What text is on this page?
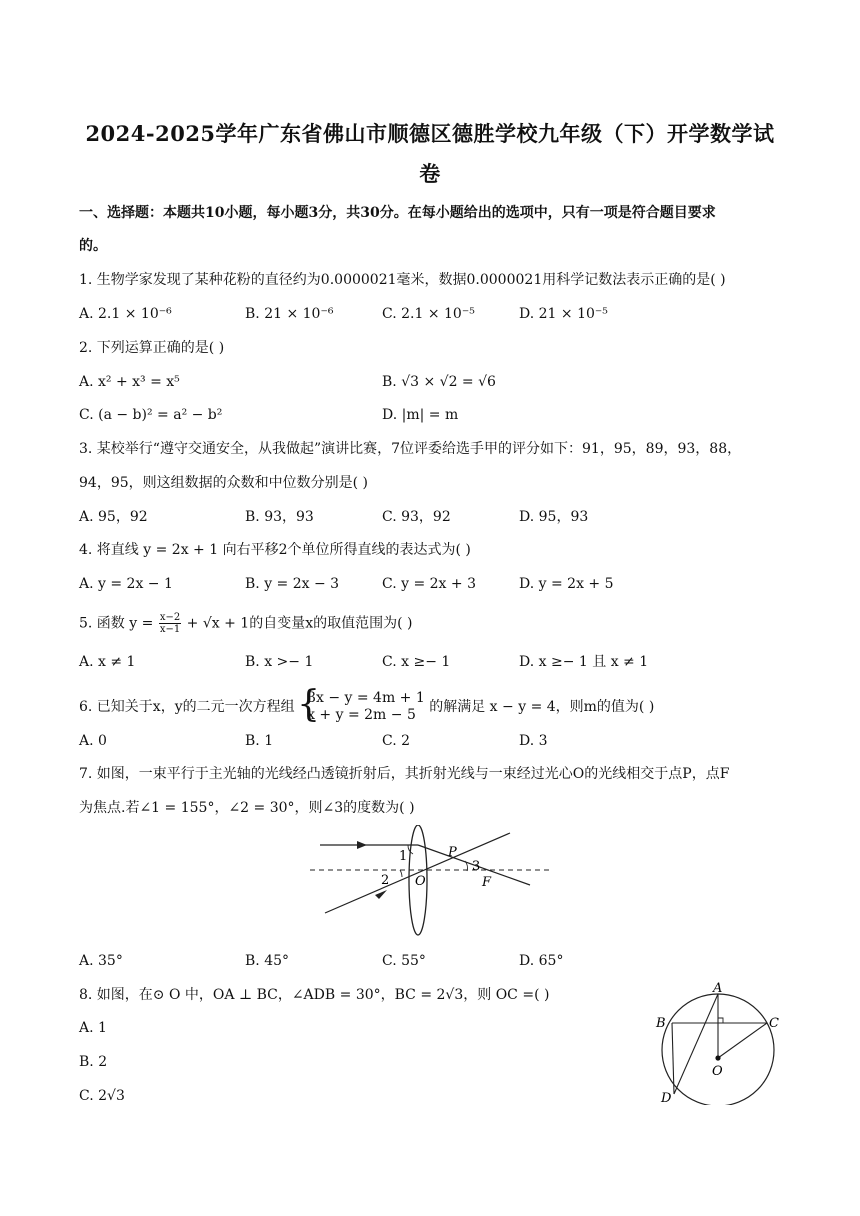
2024-2025学年广东省佛山市顺德区德胜学校九年级（下）开学数学试
卷
一、选择题：本题共10小题，每小题3分，共30分。在每小题给出的选项中，只有一项是符合题目要求
的。
1. 生物学家发现了某种花粉的直径约为0.0000021毫米，数据0.0000021用科学记数法表示正确的是( )
A. 2.1 × 10⁻⁶	B. 21 × 10⁻⁶	C. 2.1 × 10⁻⁵	D. 21 × 10⁻⁵
2. 下列运算正确的是( )
A. x² + x³ = x⁵	B. √3 × √2 = √6
C. (a − b)² = a² − b²	D. |m| = m
3. 某校举行“遵守交通安全，从我做起”演讲比赛，7位评委给选手甲的评分如下：91，95，89，93，88，
94，95，则这组数据的众数和中位数分别是( )
A. 95，92	B. 93，93	C. 93，92	D. 95，93
4. 将直线 y = 2x + 1 向右平移2个单位所得直线的表达式为( )
A. y = 2x − 1	B. y = 2x − 3	C. y = 2x + 3	D. y = 2x + 5
5. 函数 $y = \frac{x-2}{x-1} + √x + 1$的自变量x的取值范围为( )
A. x ≠ 1	B. x >− 1	C. x ≥− 1	D. x ≥− 1 且 x ≠ 1
6. 已知关于x，y的二元一次方程组 {
3x − y = 4m + 1
x + y = 2m − 5 的解满足 x − y = 4，则m的值为( )
A. 0	B. 1	C. 2	D. 3
7. 如图，一束平行于主光轴的光线经凸透镜折射后，其折射光线与一束经过光心O的光线相交于点P，点F
为焦点.若∠1 = 155°，∠2 = 30°，则∠3的度数为( )
1
2
3
P
O	F
A. 35°	B. 45°	C. 55°	D. 65°
8. 如图，在⊙ O 中，OA ⊥ BC，∠ADB = 30°，BC = 2√3，则 OC =( )
A. 1
B. 2
C. 2√3
A
B	C
D
O
